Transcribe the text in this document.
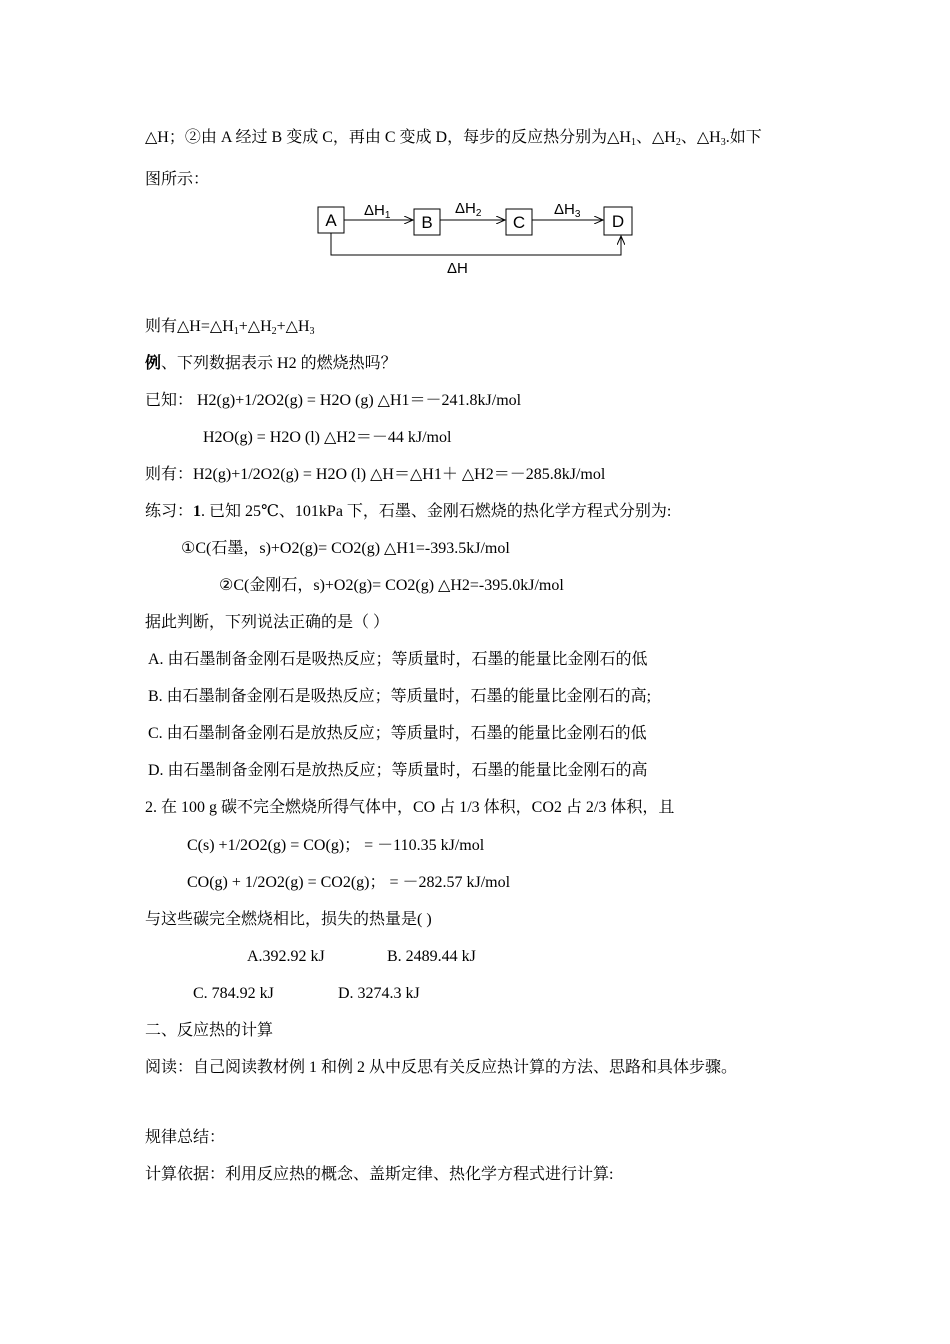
△H；②由 A 经过 B 变成 C，再由 C 变成 D，每步的反应热分别为$\triangle H_1$、$\triangle H_2$、$\triangle H_3$.如下
图所示：
A	B	C	D
$\Delta H_1$	$\Delta H_2$	$\Delta H_3$
ΔH
则有$\triangle H=\triangle H_1+\triangle H_2+\triangle H_3$
例、下列数据表示 H2 的燃烧热吗？
已知： H2(g)+1/2O2(g) = H2O (g) △H1＝－241.8kJ/mol
H2O(g) = H2O (l) △H2＝－44 kJ/mol
则有：H2(g)+1/2O2(g) = H2O (l) △H＝△H1＋ △H2＝－285.8kJ/mol
练习：1. 已知 25℃、101kPa 下，石墨、金刚石燃烧的热化学方程式分别为:
①C(石墨，s)+O2(g)= CO2(g) △H1=-393.5kJ/mol
②C(金刚石，s)+O2(g)= CO2(g) △H2=-395.0kJ/mol
据此判断，下列说法正确的是（ ）
A. 由石墨制备金刚石是吸热反应；等质量时，石墨的能量比金刚石的低
B. 由石墨制备金刚石是吸热反应；等质量时，石墨的能量比金刚石的高;
C. 由石墨制备金刚石是放热反应；等质量时，石墨的能量比金刚石的低
D. 由石墨制备金刚石是放热反应；等质量时，石墨的能量比金刚石的高
2. 在 100 g 碳不完全燃烧所得气体中，CO 占 1/3 体积，CO2 占 2/3 体积，且
C(s) +1/2O2(g) = CO(g)； = －110.35 kJ/mol
CO(g) + 1/2O2(g) = CO2(g)； = －282.57 kJ/mol
与这些碳完全燃烧相比，损失的热量是( )
A.392.92 kJ	B. 2489.44 kJ
C. 784.92 kJ	D. 3274.3 kJ
二、反应热的计算
阅读：自己阅读教材例 1 和例 2 从中反思有关反应热计算的方法、思路和具体步骤。
规律总结：
计算依据：利用反应热的概念、盖斯定律、热化学方程式进行计算:
